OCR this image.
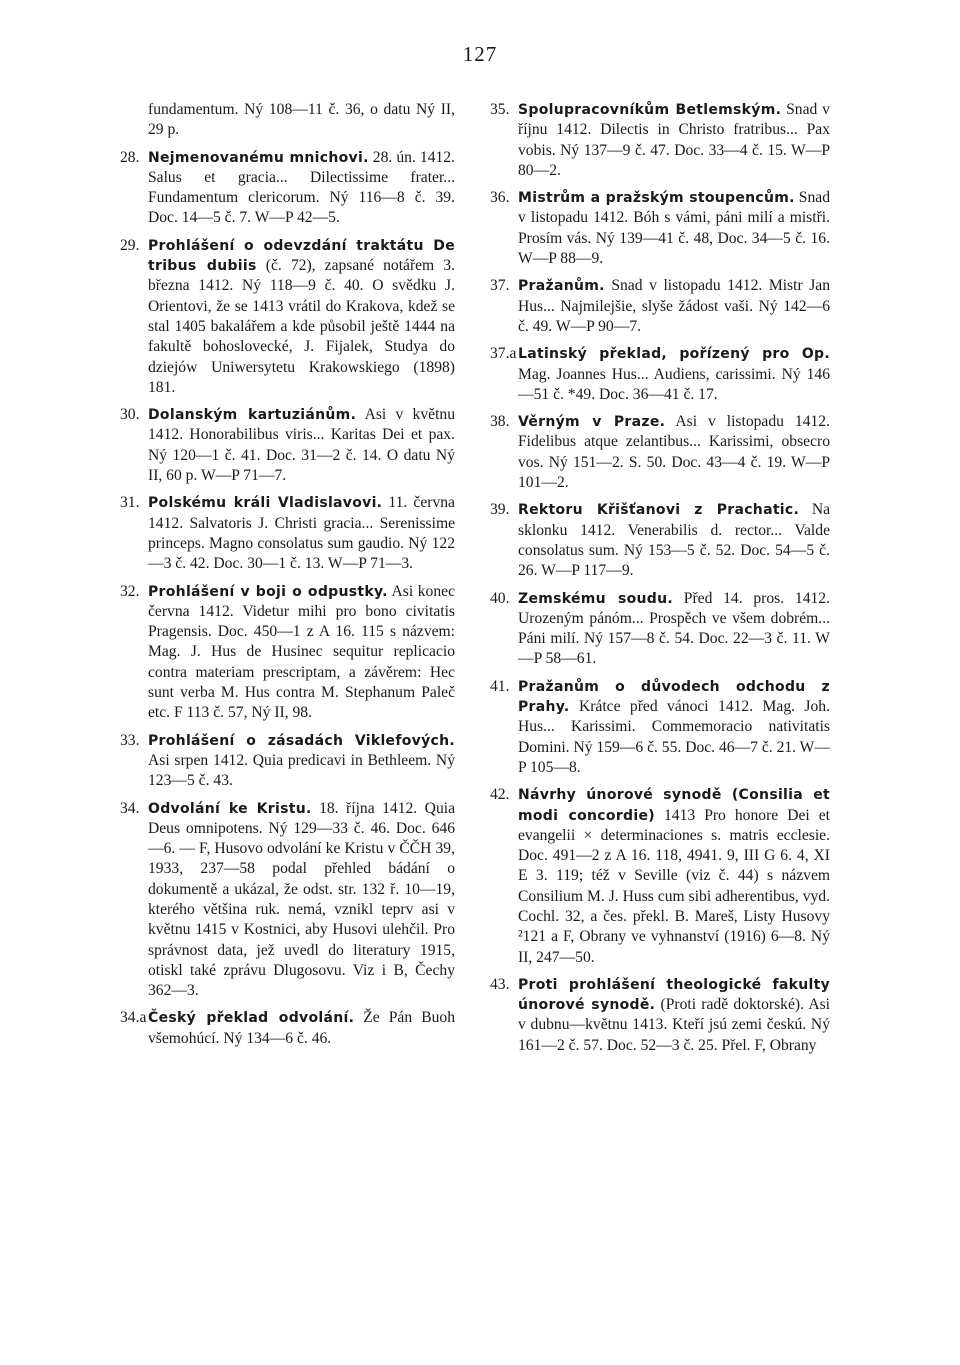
127
fundamentum. Ný 108—11 č. 36, o datu Ný II, 29 p.
28. Nejmenovanému mnichovi. 28. ún. 1412. Salus et gracia... Dilectissime frater... Fundamentum clericorum. Ný 116—8 č. 39. Doc. 14—5 č. 7. W—P 42—5.
29. Prohlášení o odevzdání traktátu De tribus dubiis (č. 72), zapsané notářem 3. března 1412. Ný 118—9 č. 40. O svědku J. Orientovi, že se 1413 vrátil do Krakova, kdež se stal 1405 bakalářem a kde působil ještě 1444 na fakultě bohoslovecké, J. Fijalek, Studya do dziejów Uniwersytetu Krakowskiego (1898) 181.
30. Dolanským kartuziánům. Asi v květnu 1412. Honorabilibus viris... Karitas Dei et pax. Ný 120—1 č. 41. Doc. 31—2 č. 14. O datu Ný II, 60 p. W—P 71—7.
31. Polskému králi Vladislavovi. 11. června 1412. Salvatoris J. Christi gracia... Serenissime princeps. Magno consolatus sum gaudio. Ný 122—3 č. 42. Doc. 30—1 č. 13. W—P 71—3.
32. Prohlášení v boji o odpustky. Asi konec června 1412. Videtur mihi pro bono civitatis Pragensis. Doc. 450—1 z A 16. 115 s názvem: Mag. J. Hus de Husinec sequitur replicacio contra materiam prescriptam, a závěrem: Hec sunt verba M. Hus contra M. Stephanum Paleč etc. F 113 č. 57, Ný II, 98.
33. Prohlášení o zásadách Viklefových. Asi srpen 1412. Quia predicavi in Bethleem. Ný 123—5 č. 43.
34. Odvolání ke Kristu. 18. října 1412. Quia Deus omnipotens. Ný 129—33 č. 46. Doc. 646—6. — F, Husovo odvolání ke Kristu v ČČH 39, 1933, 237—58 podal přehled bádání o dokumentě a ukázal, že odst. str. 132 ř. 10—19, kterého většina ruk. nemá, vznikl teprv asi v květnu 1415 v Kostnici, aby Husovi ulehčil. Pro správnost data, jež uvedl do literatury 1915, otiskl také zprávu Dlugosovu. Viz i B, Čechy 362—3.
34.a Český překlad odvolání. Že Pán Buoh všemohúcí. Ný 134—6 č. 46.
35. Spolupracovníkům Betlemským. Snad v říjnu 1412. Dilectis in Christo fratribus... Pax vobis. Ný 137—9 č. 47. Doc. 33—4 č. 15. W—P 80—2.
36. Mistrům a pražským stoupencům. Snad v listopadu 1412. Bóh s vámi, páni milí a mistři. Prosím vás. Ný 139—41 č. 48, Doc. 34—5 č. 16. W—P 88—9.
37. Pražanům. Snad v listopadu 1412. Mistr Jan Hus... Najmilejšie, slyše žádost vaši. Ný 142—6 č. 49. W—P 90—7.
37.a Latinský překlad, pořízený pro Op. Mag. Joannes Hus... Audiens, carissimi. Ný 146—51 č. *49. Doc. 36—41 č. 17.
38. Věrným v Praze. Asi v listopadu 1412. Fidelibus atque zelantibus... Karissimi, obsecro vos. Ný 151—2. S. 50. Doc. 43—4 č. 19. W—P 101—2.
39. Rektoru Křišťanovi z Prachatic. Na sklonku 1412. Venerabilis d. rector... Valde consolatus sum. Ný 153—5 č. 52. Doc. 54—5 č. 26. W—P 117—9.
40. Zemskému soudu. Před 14. pros. 1412. Urozeným pánóm... Prospěch ve všem dobrém... Páni milí. Ný 157—8 č. 54. Doc. 22—3 č. 11. W—P 58—61.
41. Pražanům o důvodech odchodu z Prahy. Krátce před vánoci 1412. Mag. Joh. Hus... Karissimi. Commemoracio nativitatis Domini. Ný 159—6 č. 55. Doc. 46—7 č. 21. W—P 105—8.
42. Návrhy únorové synodě (Consilia et modi concordie) 1413 Pro honore Dei et evangelii × determinaciones s. matris ecclesie. Doc. 491—2 z A 16. 118, 4941. 9, III G 6. 4, XI E 3. 119; též v Seville (viz č. 44) s názvem Consilium M. J. Huss cum sibi adherentibus, vyd. Cochl. 32, a čes. překl. B. Mareš, Listy Husovy ²121 a F, Obrany ve vyhnanství (1916) 6—8. Ný II, 247—50.
43. Proti prohlášení theologické fakulty únorové synodě. (Proti radě doktorské). Asi v dubnu—květnu 1413. Kteří jsú zemi českú. Ný 161—2 č. 57. Doc. 52—3 č. 25. Přel. F, Obrany
